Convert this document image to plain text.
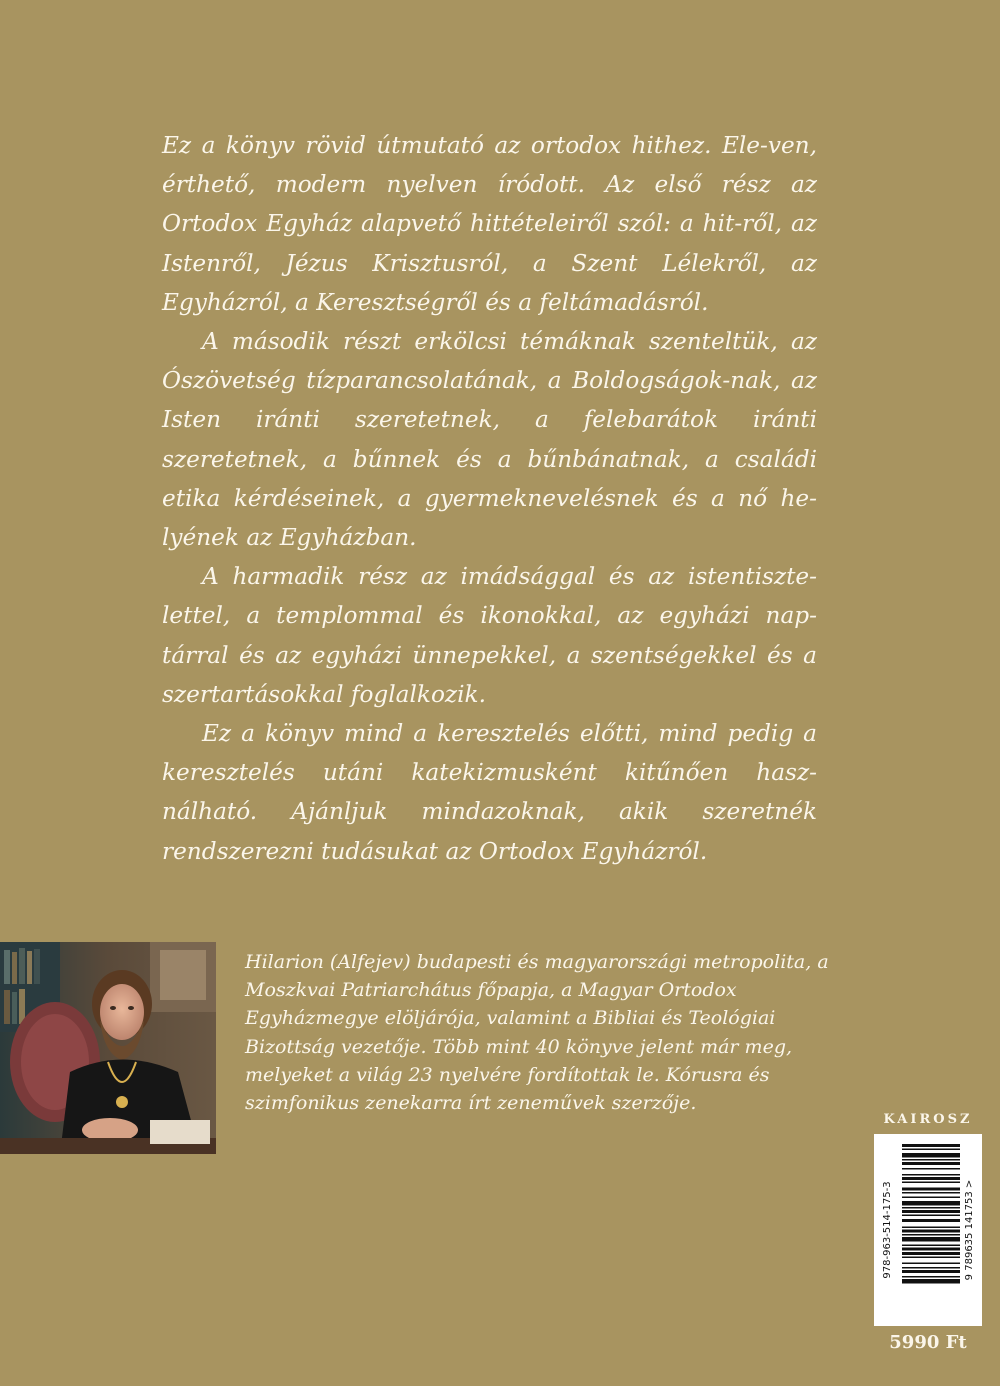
Ez a könyv rövid útmutató az ortodox hithez. Ele-ven, érthető, modern nyelven íródott. Az első rész az Ortodox Egyház alapvető hittételeiről szól: a hit-ről, az Istenről, Jézus Krisztusról, a Szent Lélekről, az Egyházról, a Keresztségről és a feltámadásról.

A második részt erkölcsi témáknak szenteltük, az Ószövetség tízparancsolatának, a Boldogságok-nak, az Isten iránti szeretetnek, a felebarátok iránti szeretetnek, a bűnnek és a bűnbánatnak, a családi etika kérdéseinek, a gyermeknevelésnek és a nő he-lyének az Egyházban.

A harmadik rész az imádsággal és az istentiszte-lettel, a templommal és ikonokkal, az egyházi nap-tárral és az egyházi ünnepekkel, a szentségekkel és a szertartásokkal foglalkozik.

Ez a könyv mind a keresztelés előtti, mind pedig a keresztelés utáni katekizmusként kitűnően hasz-nálható. Ajánljuk mindazoknak, akik szeretnék rendszerezni tudásukat az Ortodox Egyházról.

Hilarion (Alfejev) budapesti és magyarországi metropolita, a Moszkvai Patriarchátus főpapja, a Magyar Ortodox Egyházmegye elöljárója, valamint a Bibliai és Teológiai Bizottság vezetője. Több mint 40 könyve jelent már meg, melyeket a világ 23 nyelvére fordítottak le. Kórusra és szimfonikus zenekarra írt zeneművek szerzője.

KAIROSZ
978-963-514-175-3	9 789635 141753 >
5990 Ft
